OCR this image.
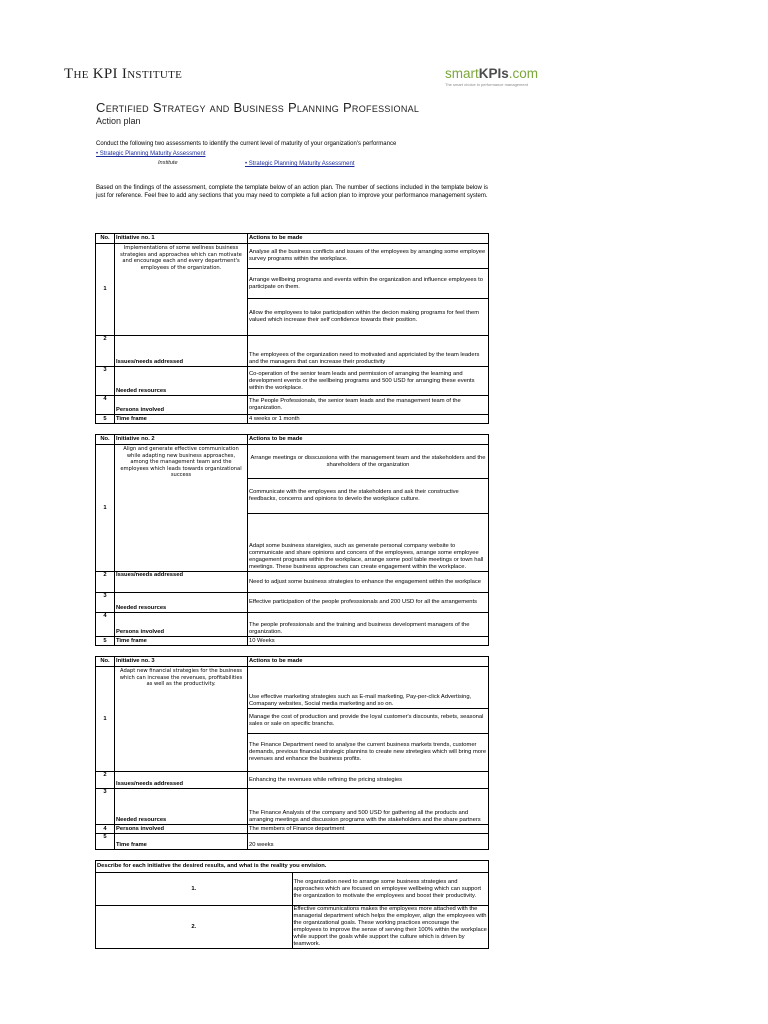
The KPI Institute	smartKPIs.com
The smart choice in performance management
Certified Strategy and Business Planning Professional
Action plan
Conduct the following two assessments to identify the current level of maturity of your organization's performance
• Strategic Planning Maturity Assessment
Institute	• Strategic Planning Maturity Assessment
Based on the findings of the assessment, complete the template below of an action plan. The number of sections included in the template below is just for reference. Feel free to add any sections that you may need to complete a full action plan to improve your performance management system.
No.	Initiative no. 1	Actions to be made
1	Implementations of some wellness business strategies and approaches which can motivate and encourage each and every department's employees of the organization.	Analyse all the business conflicts and issues of the employees by arranging some employee survey programs within the workplace.
		Arrange wellbeing programs and events within the organization and influence employees to participate on them.
		Allow the employees to take participation within the decion making programs for feel them valued which increase their self confidence towards their position.
2	Issues/needs addressed	The employees of the organization need to motivated and appriciated by the team leaders and the managers that can increase their productivity
3	Needed resources	Co-operation of the senior team leads and permission of arranging the learning and development events or the wellbeing programs and 500 USD for arranging these events within the workplace.
4	Persons involved	The People Professionals, the senior team leads and the management team of the organization.
5	Time frame	4 weeks or 1 month
No.	Initiative no. 2	Actions to be made
1	Align and generate effective communication while adapting new business approaches, among the management team and the employees which leads towards organizational success	Arrange meetings or disscussions with the management team and the stakeholders and the shareholders of the organization
		Communicate with the employees and the stakeholders and ask their constructive feedbacks, concerns and opinions to develo the workplace culture.
		Adapt some business stareigies, such as generate personal company website to communicate and share opinions and concers of the employees, arrange some employee engagement programs within the workplace, arrange some pool table meetings or town hall meetings. These business approaches can create engagement within the workplace.
2	Issues/needs addressed	Need to adjust some business strategies to enhance the engagement within the workplace
3	Needed resources	Effective participation of the people professsionals and 200 USD for all the arrangements
4	Persons involved	The people professionals and the training and business development managers of the organization.
5	Time frame	10 Weeks
No.	Initiative no. 3	Actions to be made
1	Adapt new financial strategies for the business which can increase the revenues, profitabilities as well as the productivity.	Use effective marketing strategies such as E-mail marketing, Pay-per-click Advertising, Comapany websites, Social media marketing and so on.
		Manage the cost of production and provide the loyal customer's discounts, rebets, seasonal sales or sale on specific branchs.
		The Finance Department need to analyse the current business markets trends, customer demands, previous financial strategic plannins to create new stretegies which will bring more revenues and enhance the business profits.
2	Issues/needs addressed	Enhancing the revenues while refining the pricing strategies
3	Needed resources	The Finance Analysis of the company and 500 USD for gathering all the products and arranging meetings and discussion programs with the stakeholders and the share partners
4	Persons involved	The members of Finance department
5	Time frame	20 weeks
Describe for each initiative the desired results, and what is the reality you envision.	
1.	The organization need to arrange some business strategies and approaches which are focused on employee wellbeing which can support the organization to motivate the employees and boost their productivity.
2.	Effective communications makes the employees more attached with the managerial department which helps the employer, align the employees with the organizational goals. These working practices encourage the employees to improve the sense of serving their 100% within the workplace while support the goals while support the culture which is driven by teamwork.
